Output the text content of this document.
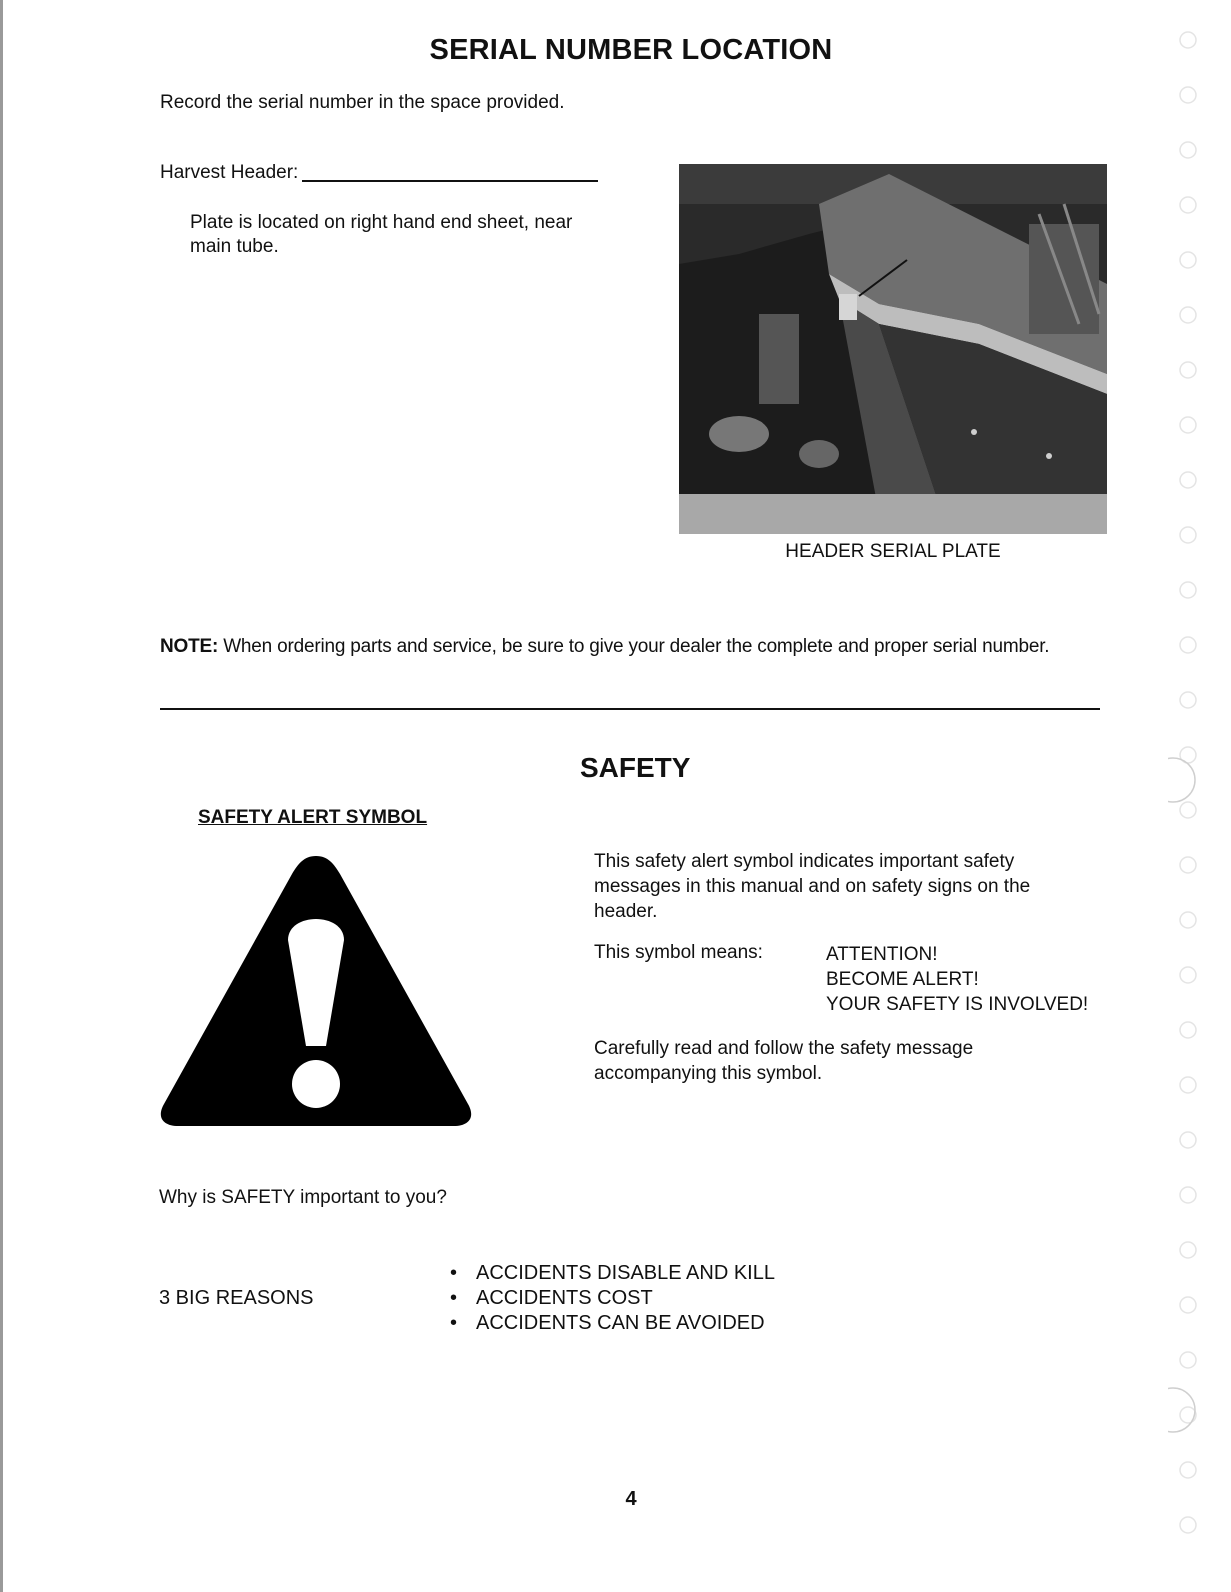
SERIAL NUMBER LOCATION
Record the serial number in the space provided.
Harvest Header:
Plate is located on right hand end sheet, near main tube.
HEADER SERIAL PLATE
NOTE: When ordering parts and service, be sure to give your dealer the complete and proper serial number.
SAFETY
SAFETY ALERT SYMBOL
This safety alert symbol indicates important safety messages in this manual and on safety signs on the header.
This symbol means:	ATTENTION!
BECOME ALERT!
YOUR SAFETY IS INVOLVED!
Carefully read and follow the safety message accompanying this symbol.
Why is SAFETY important to you?
3 BIG REASONS
• ACCIDENTS DISABLE AND KILL
• ACCIDENTS COST
• ACCIDENTS CAN BE AVOIDED
4
